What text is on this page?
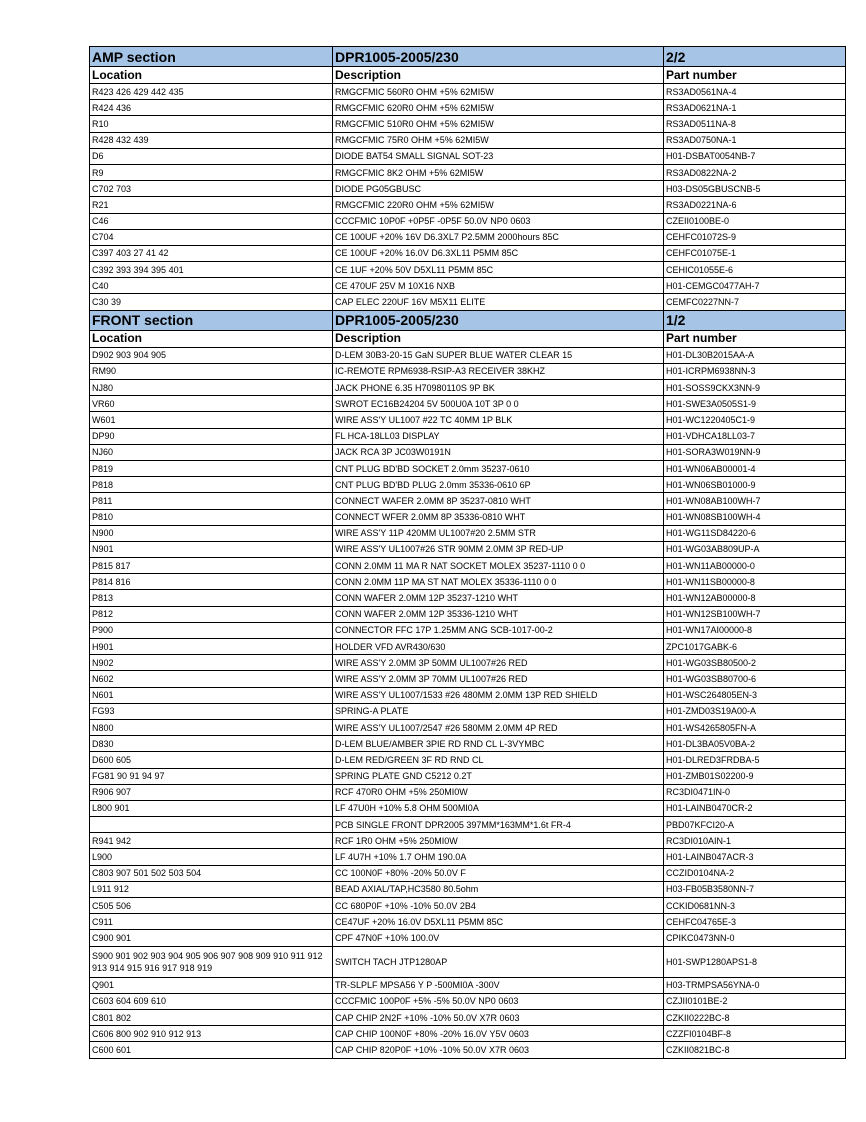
AMP section	DPR1005-2005/230	2/2
Location	Description	Part number
R423 426 429 442 435	RMGCFMIC 560R0 OHM +5% 62MI5W	RS3AD0561NA-4
R424 436	RMGCFMIC 620R0 OHM +5% 62MI5W	RS3AD0621NA-1
R10	RMGCFMIC 510R0 OHM +5% 62MI5W	RS3AD0511NA-8
R428 432 439	RMGCFMIC 75R0 OHM +5% 62MI5W	RS3AD0750NA-1
D6	DIODE BAT54 SMALL SIGNAL SOT-23	H01-DSBAT0054NB-7
R9	RMGCFMIC 8K2 OHM +5% 62MI5W	RS3AD0822NA-2
C702 703	DIODE PG05GBUSC	H03-DS05GBUSCNB-5
R21	RMGCFMIC 220R0 OHM +5% 62MI5W	RS3AD0221NA-6
C46	CCCFMIC 10P0F +0P5F -0P5F 50.0V NP0 0603	CZEII0100BE-0
C704	CE 100UF +20% 16V D6.3XL7 P2.5MM 2000hours 85C	CEHFC01072S-9
C397 403 27 41 42	CE 100UF +20% 16.0V D6.3XL11 P5MM 85C	CEHFC01075E-1
C392 393 394 395 401	CE 1UF +20% 50V D5XL11 P5MM 85C	CEHIC01055E-6
C40	CE 470UF 25V M 10X16 NXB	H01-CEMGC0477AH-7
C30 39	CAP ELEC 220UF 16V M5X11 ELITE	CEMFC0227NN-7
FRONT section	DPR1005-2005/230	1/2
Location	Description	Part number
D902 903 904 905	D-LEM 30B3-20-15 GaN SUPER BLUE WATER CLEAR 15	H01-DL30B2015AA-A
RM90	IC-REMOTE RPM6938-RSIP-A3 RECEIVER 38KHZ	H01-ICRPM6938NN-3
NJ80	JACK PHONE 6.35 H70980110S 9P BK	H01-SOSS9CKX3NN-9
VR60	SWROT EC16B24204 5V 500U0A 10T 3P 0 0	H01-SWE3A0505S1-9
W601	WIRE ASS'Y UL1007 #22 TC 40MM 1P BLK	H01-WC1220405C1-9
DP90	FL HCA-18LL03 DISPLAY	H01-VDHCA18LL03-7
NJ60	JACK RCA 3P JC03W0191N	H01-SORA3W019NN-9
P819	CNT PLUG BD'BD SOCKET 2.0mm 35237-0610	H01-WN06AB00001-4
P818	CNT PLUG BD'BD PLUG 2.0mm 35336-0610 6P	H01-WN06SB01000-9
P811	CONNECT WAFER 2.0MM 8P 35237-0810 WHT	H01-WN08AB100WH-7
P810	CONNECT WFER 2.0MM 8P 35336-0810 WHT	H01-WN08SB100WH-4
N900	WIRE ASS'Y 11P 420MM UL1007#20 2.5MM STR	H01-WG11SD84220-6
N901	WIRE ASS'Y UL1007#26 STR 90MM 2.0MM 3P RED-UP	H01-WG03AB809UP-A
P815 817	CONN 2.0MM 11 MA R NAT SOCKET MOLEX 35237-1110 0 0	H01-WN11AB00000-0
P814 816	CONN 2.0MM 11P MA ST NAT MOLEX 35336-1110 0 0	H01-WN11SB00000-8
P813	CONN WAFER 2.0MM 12P 35237-1210 WHT	H01-WN12AB00000-8
P812	CONN WAFER 2.0MM 12P 35336-1210 WHT	H01-WN12SB100WH-7
P900	CONNECTOR FFC 17P 1.25MM ANG SCB-1017-00-2	H01-WN17AI00000-8
H901	HOLDER VFD AVR430/630	ZPC1017GABK-6
N902	WIRE ASS'Y 2.0MM 3P 50MM UL1007#26 RED	H01-WG03SB80500-2
N602	WIRE ASS'Y 2.0MM 3P 70MM UL1007#26 RED	H01-WG03SB80700-6
N601	WIRE ASS'Y UL1007/1533 #26 480MM 2.0MM 13P RED SHIELD	H01-WSC264805EN-3
FG93	SPRING-A PLATE	H01-ZMD03S19A00-A
N800	WIRE ASS'Y UL1007/2547 #26 580MM 2.0MM 4P RED	H01-WS4265805FN-A
D830	D-LEM BLUE/AMBER 3PIE RD RND CL L-3VYMBC	H01-DL3BA05V0BA-2
D600 605	D-LEM RED/GREEN 3F RD RND CL	H01-DLRED3FRDBA-5
FG81 90 91 94 97	SPRING PLATE GND C5212 0.2T	H01-ZMB01S02200-9
R906 907	RCF 470R0 OHM +5% 250MI0W	RC3DI0471IN-0
L800 901	LF 47U0H +10% 5.8 OHM 500MI0A	H01-LAINB0470CR-2
	PCB SINGLE FRONT DPR2005 397MM*163MM*1.6t FR-4	PBD07KFCI20-A
R941 942	RCF 1R0 OHM +5% 250MI0W	RC3DI010AIN-1
L900	LF 4U7H +10% 1.7 OHM 190.0A	H01-LAINB047ACR-3
C803 907 501 502 503 504	CC 100N0F +80% -20% 50.0V F	CCZID0104NA-2
L911 912	BEAD AXIAL/TAP,HC3580 80.5ohm	H03-FB05B3580NN-7
C505 506	CC 680P0F +10% -10% 50.0V 2B4	CCKID0681NN-3
C911	CE47UF +20% 16.0V D5XL11 P5MM 85C	CEHFC04765E-3
C900 901	CPF 47N0F +10% 100.0V	CPIKC0473NN-0
S900 901 902 903 904 905 906 907 908 909 910 911 912 913 914 915 916 917 918 919	SWITCH TACH JTP1280AP	H01-SWP1280APS1-8
Q901	TR-SLPLF MPSA56 Y P -500MI0A -300V	H03-TRMPSA56YNA-0
C603 604 609 610	CCCFMIC 100P0F +5% -5% 50.0V NP0 0603	CZJII0101BE-2
C801 802	CAP CHIP 2N2F +10% -10% 50.0V X7R 0603	CZKII0222BC-8
C606 800 902 910 912 913	CAP CHIP 100N0F +80% -20% 16.0V Y5V 0603	CZZFI0104BF-8
C600 601	CAP CHIP 820P0F +10% -10% 50.0V X7R 0603	CZKII0821BC-8
